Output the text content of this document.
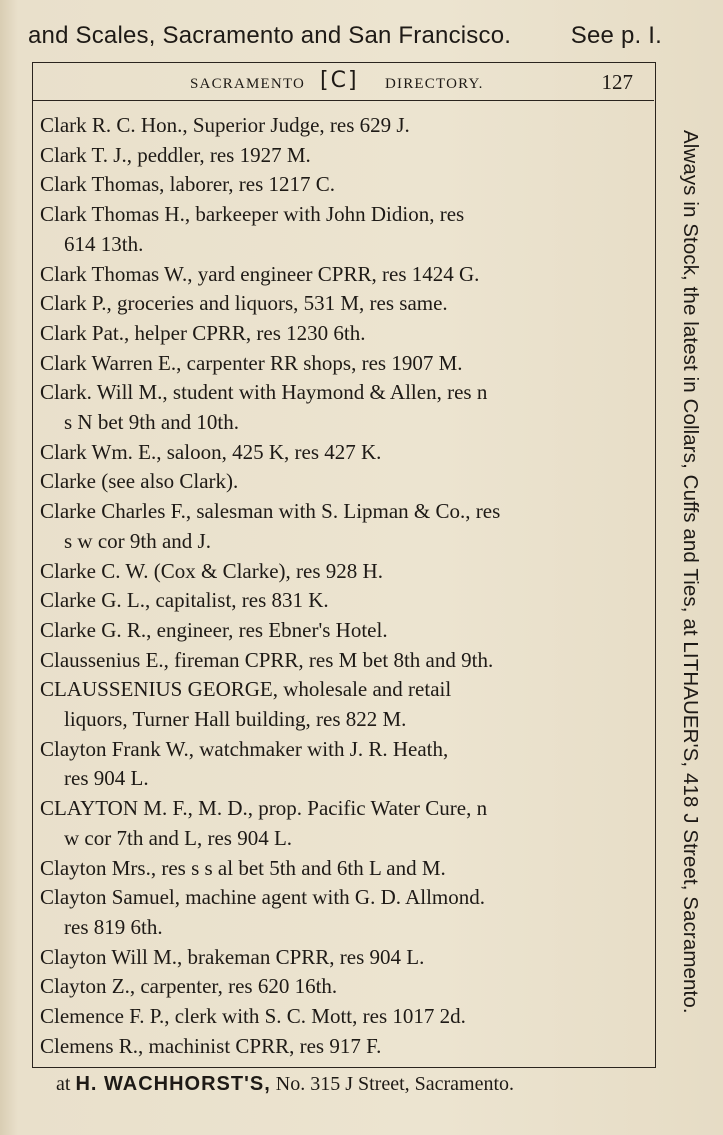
and Scales, Sacramento and San Francisco. See p. I.
SACRAMENTO [C] DIRECTORY.	127
Clark R. C. Hon., Superior Judge, res 629 J.
Clark T. J., peddler, res 1927 M.
Clark Thomas, laborer, res 1217 C.
Clark Thomas H., barkeeper with John Didion, res
614 13th.
Clark Thomas W., yard engineer CPRR, res 1424 G.
Clark P., groceries and liquors, 531 M, res same.
Clark Pat., helper CPRR, res 1230 6th.
Clark Warren E., carpenter RR shops, res 1907 M.
Clark. Will M., student with Haymond & Allen, res n
s N bet 9th and 10th.
Clark Wm. E., saloon, 425 K, res 427 K.
Clarke (see also Clark).
Clarke Charles F., salesman with S. Lipman & Co., res
s w cor 9th and J.
Clarke C. W. (Cox & Clarke), res 928 H.
Clarke G. L., capitalist, res 831 K.
Clarke G. R., engineer, res Ebner's Hotel.
Claussenius E., fireman CPRR, res M bet 8th and 9th.
CLAUSSENIUS GEORGE, wholesale and retail
liquors, Turner Hall building, res 822 M.
Clayton Frank W., watchmaker with J. R. Heath,
res 904 L.
CLAYTON M. F., M. D., prop. Pacific Water Cure, n
w cor 7th and L, res 904 L.
Clayton Mrs., res s s al bet 5th and 6th L and M.
Clayton Samuel, machine agent with G. D. Allmond.
res 819 6th.
Clayton Will M., brakeman CPRR, res 904 L.
Clayton Z., carpenter, res 620 16th.
Clemence F. P., clerk with S. C. Mott, res 1017 2d.
Clemens R., machinist CPRR, res 917 F.
Always in Stock, the latest in Collars, Cuffs and Ties, at LITHAUER'S, 418 J Street, Sacramento.
at H. WACHHORST'S, No. 315 J Street, Sacramento.
